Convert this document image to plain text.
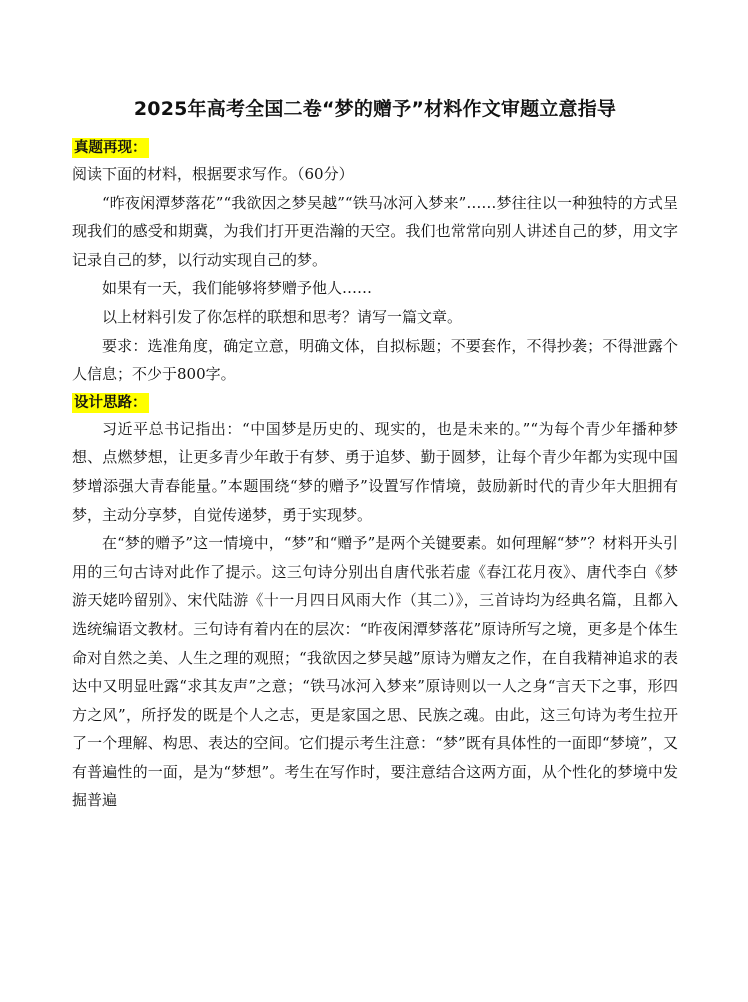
2025年高考全国二卷“梦的赠予”材料作文审题立意指导
真题再现：

阅读下面的材料，根据要求写作。（60分）

“昨夜闲潭梦落花”“我欲因之梦吴越”“铁马冰河入梦来”……梦往往以一种独特的方式呈现我们的感受和期冀，为我们打开更浩瀚的天空。我们也常常向别人讲述自己的梦，用文字记录自己的梦，以行动实现自己的梦。

如果有一天，我们能够将梦赠予他人……

以上材料引发了你怎样的联想和思考？请写一篇文章。

要求：选准角度，确定立意，明确文体，自拟标题；不要套作，不得抄袭；不得泄露个人信息；不少于800字。

设计思路：

习近平总书记指出：“中国梦是历史的、现实的，也是未来的。”“为每个青少年播种梦想、点燃梦想，让更多青少年敢于有梦、勇于追梦、勤于圆梦，让每个青少年都为实现中国梦增添强大青春能量。”本题围绕“梦的赠予”设置写作情境，鼓励新时代的青少年大胆拥有梦，主动分享梦，自觉传递梦，勇于实现梦。

在“梦的赠予”这一情境中，“梦”和“赠予”是两个关键要素。如何理解“梦”？材料开头引用的三句古诗对此作了提示。这三句诗分别出自唐代张若虚《春江花月夜》、唐代李白《梦游天姥吟留别》、宋代陆游《十一月四日风雨大作（其二）》，三首诗均为经典名篇，且都入选统编语文教材。三句诗有着内在的层次：“昨夜闲潭梦落花”原诗所写之境，更多是个体生命对自然之美、人生之理的观照；“我欲因之梦吴越”原诗为赠友之作，在自我精神追求的表达中又明显吐露“求其友声”之意；“铁马冰河入梦来”原诗则以一人之身“言天下之事，形四方之风”，所抒发的既是个人之志，更是家国之思、民族之魂。由此，这三句诗为考生拉开了一个理解、构思、表达的空间。它们提示考生注意：“梦”既有具体性的一面即“梦境”，又有普遍性的一面，是为“梦想”。考生在写作时，要注意结合这两方面，从个性化的梦境中发掘普遍
